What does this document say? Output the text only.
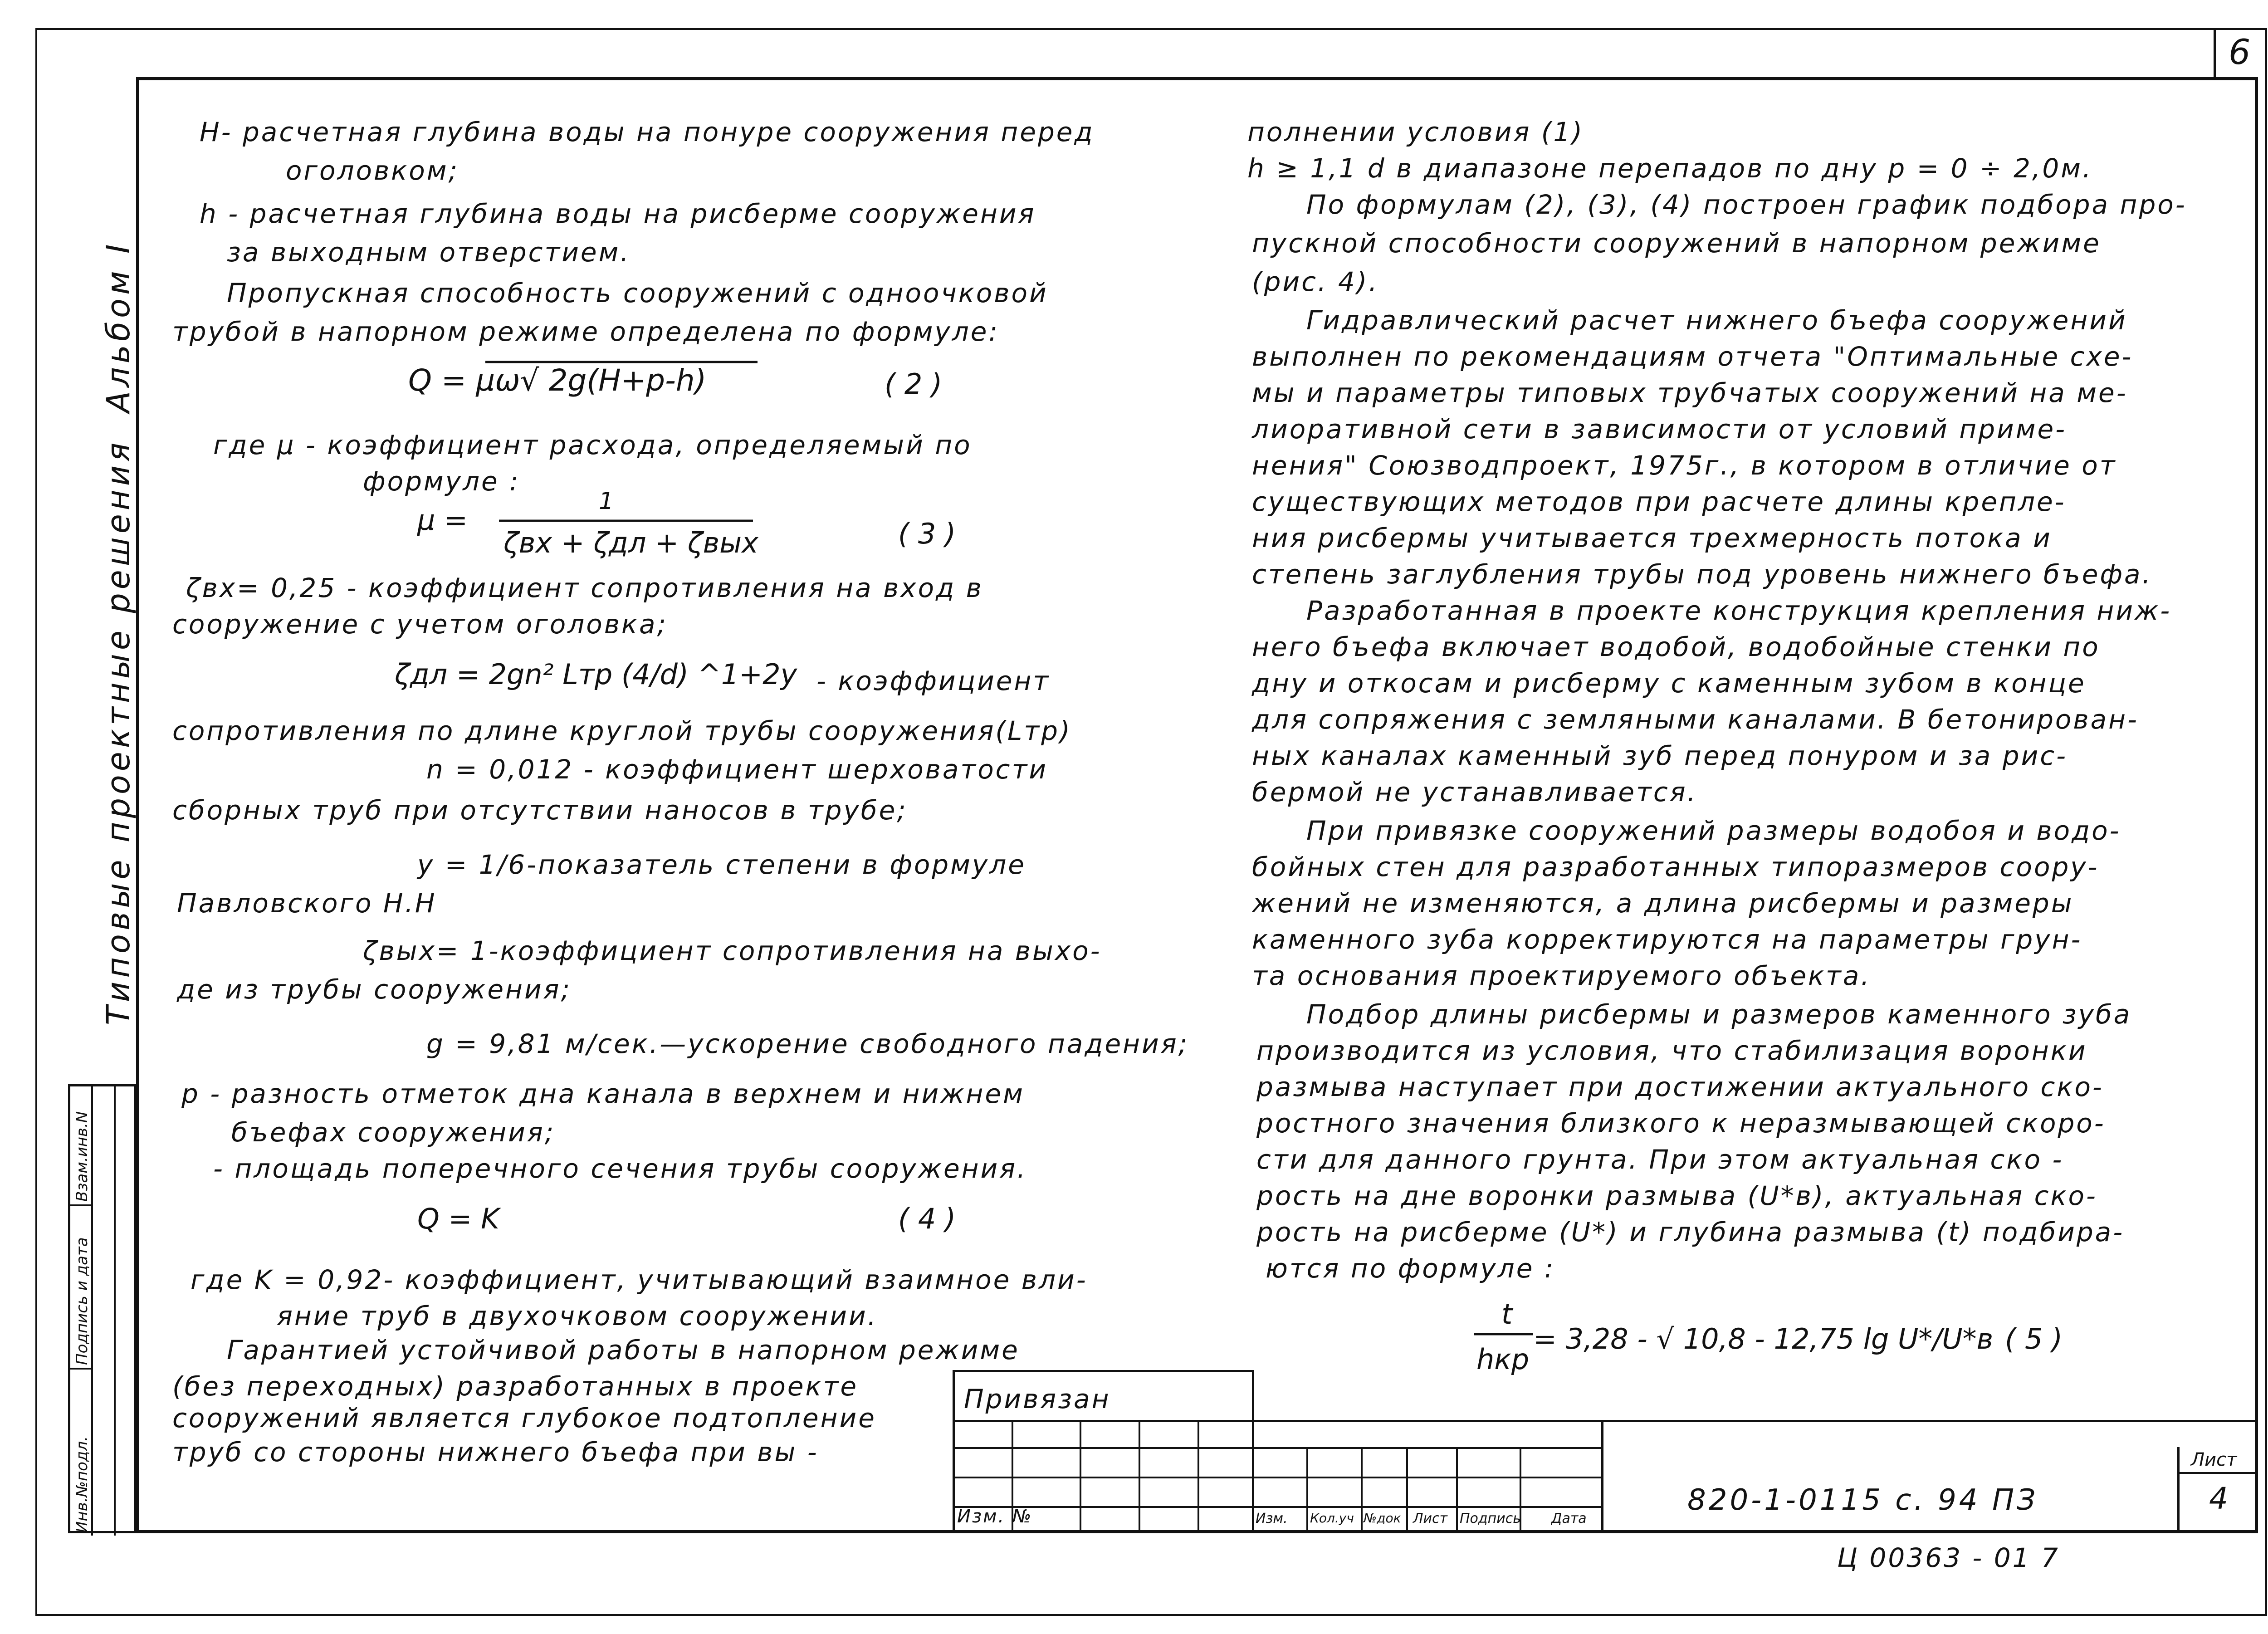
6
Альбом I
Типовые проектные решения
Инв.№подл.
Подпись и дата
Взам.инв.N

H- расчетная глубина воды на понуре сооружения перед

оголовком;

h - расчетная глубина воды на рисберме сооружения

за выходным отверстием.

Пропускная способность сооружений с одноочковой

трубой в напорном режиме определена по формуле:

где μ - коэффициент расхода, определяемый по

формуле :

ζвх= 0,25 - коэффициент сопротивления на вход в

сооружение с учетом оголовка;

- коэффициент

сопротивления по длине круглой трубы сооружения(Lтр)

n = 0,012 - коэффициент шерховатости

сборных труб при отсутствии наносов в трубе;

y = 1/6-показатель степени в формуле

Павловского Н.Н

ζвых= 1-коэффициент сопротивления на выхо-

де из трубы сооружения;

g = 9,81 м/сек.—ускорение свободного падения;

p - разность отметок дна канала в верхнем и нижнем

бъефах сооружения;

- площадь поперечного сечения трубы сооружения.

где K = 0,92- коэффициент, учитывающий взаимное вли-

яние труб в двухочковом сооружении.

Гарантией устойчивой работы в напорном режиме

(без переходных) разработанных в проекте

сооружений является глубокое подтопление

труб со стороны нижнего бъефа при вы -

Q = μω√ 2g(H+p-h)	( 2 )
μ =
1
ζвх + ζдл + ζвых	( 3 )
ζдл = 2gn² Lтр (4/d) ^1+2y
Q = K	( 4 )

полнении условия (1)

h ≥ 1,1 d в диапазоне перепадов по дну p = 0 ÷ 2,0м.

По формулам (2), (3), (4) построен график подбора про-

пускной способности сооружений в напорном режиме

(рис. 4).

Гидравлический расчет нижнего бъефа сооружений

выполнен по рекомендациям отчета "Оптимальные схе-

мы и параметры типовых трубчатых сооружений на ме-

лиоративной сети в зависимости от условий приме-

нения" Союзводпроект, 1975г., в котором в отличие от

существующих методов при расчете длины крепле-

ния рисбермы учитывается трехмерность потока и

степень заглубления трубы под уровень нижнего бъефа.

Разработанная в проекте конструкция крепления ниж-

него бъефа включает водобой, водобойные стенки по

дну и откосам и рисберму с каменным зубом в конце

для сопряжения с земляными каналами. В бетонирован-

ных каналах каменный зуб перед понуром и за рис-

бермой не устанавливается.

При привязке сооружений размеры водобоя и водо-

бойных стен для разработанных типоразмеров соору-

жений не изменяются, а длина рисбермы и размеры

каменного зуба корректируются на параметры грун-

та основания проектируемого объекта.

Подбор длины рисбермы и размеров каменного зуба

производится из условия, что стабилизация воронки

размыва наступает при достижении актуального ско-

ростного значения близкого к неразмывающей скоро-

сти для данного грунта. При этом актуальная ско -

рость на дне воронки размыва (U*в), актуальная ско-

рость на рисберме (U*) и глубина размыва (t) подбира-

ются по формуле :

t
hкр
= 3,28 - √ 10,8 - 12,75 lg U*/U*в ( 5 )
Привязан
Изм. №	Изм. Кол.уч №док Лист Подпись Дата
820-1-0115 с. 94 ПЗ
Лист
4
Ц 00363 - 01 7
